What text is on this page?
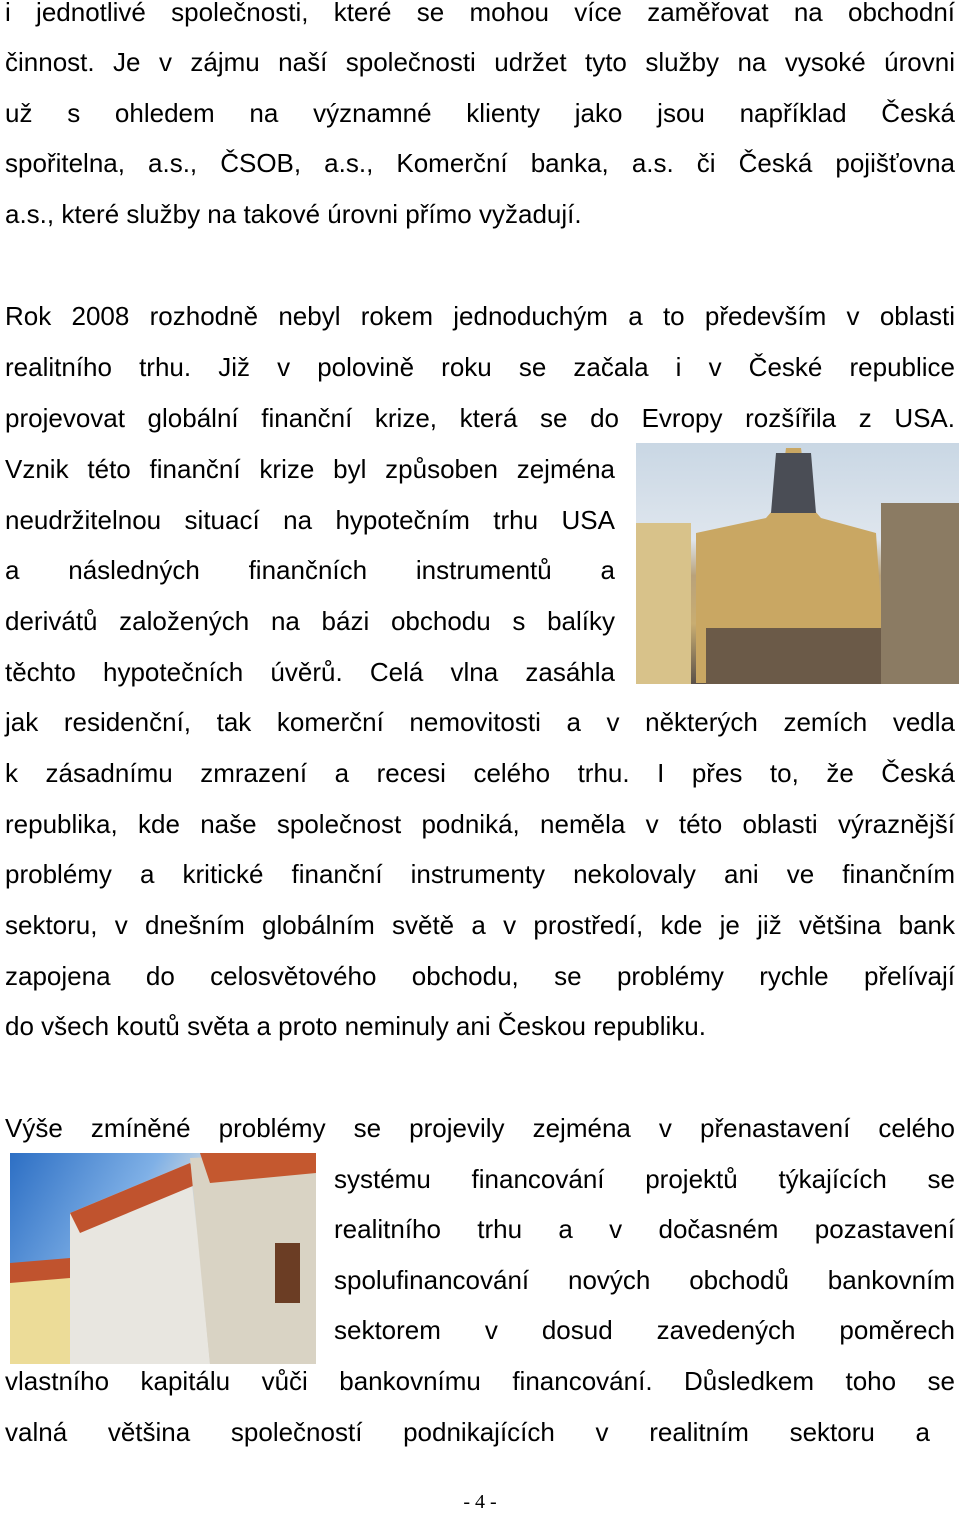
i jednotlivé společnosti, které se mohou více zaměřovat na obchodní
činnost. Je v zájmu naší společnosti udržet tyto služby na vysoké úrovni
už s ohledem na významné klienty jako jsou například Česká
spořitelna, a.s., ČSOB, a.s., Komerční banka, a.s. či Česká pojišťovna
a.s., které služby na takové úrovni přímo vyžadují.
Rok 2008 rozhodně nebyl rokem jednoduchým a to především v oblasti
realitního trhu. Již v polovině roku se začala i v České republice
projevovat globální finanční krize, která se do Evropy rozšířila z USA.
Vznik této finanční krize byl způsoben zejména
neudržitelnou situací na hypotečním trhu USA
a následných finančních instrumentů a
derivátů založených na bázi obchodu s balíky
těchto hypotečních úvěrů. Celá vlna zasáhla
jak residenční, tak komerční nemovitosti a v některých zemích vedla
k zásadnímu zmrazení a recesi celého trhu. I přes to, že Česká
republika, kde naše společnost podniká, neměla v této oblasti výraznější
problémy a kritické finanční instrumenty nekolovaly ani ve finančním
sektoru, v dnešním globálním světě a v prostředí, kde je již většina bank
zapojena do celosvětového obchodu, se problémy rychle přelívají
do všech koutů světa a proto neminuly ani Českou republiku.
Výše zmíněné problémy se projevily zejména v přenastavení celého
systému financování projektů týkajících se
realitního trhu a v dočasném pozastavení
spolufinancování nových obchodů bankovním
sektorem v dosud zavedených poměrech
vlastního kapitálu vůči bankovnímu financování. Důsledkem toho se
valná většina společností podnikajících v realitním sektoru a
- 4 -
